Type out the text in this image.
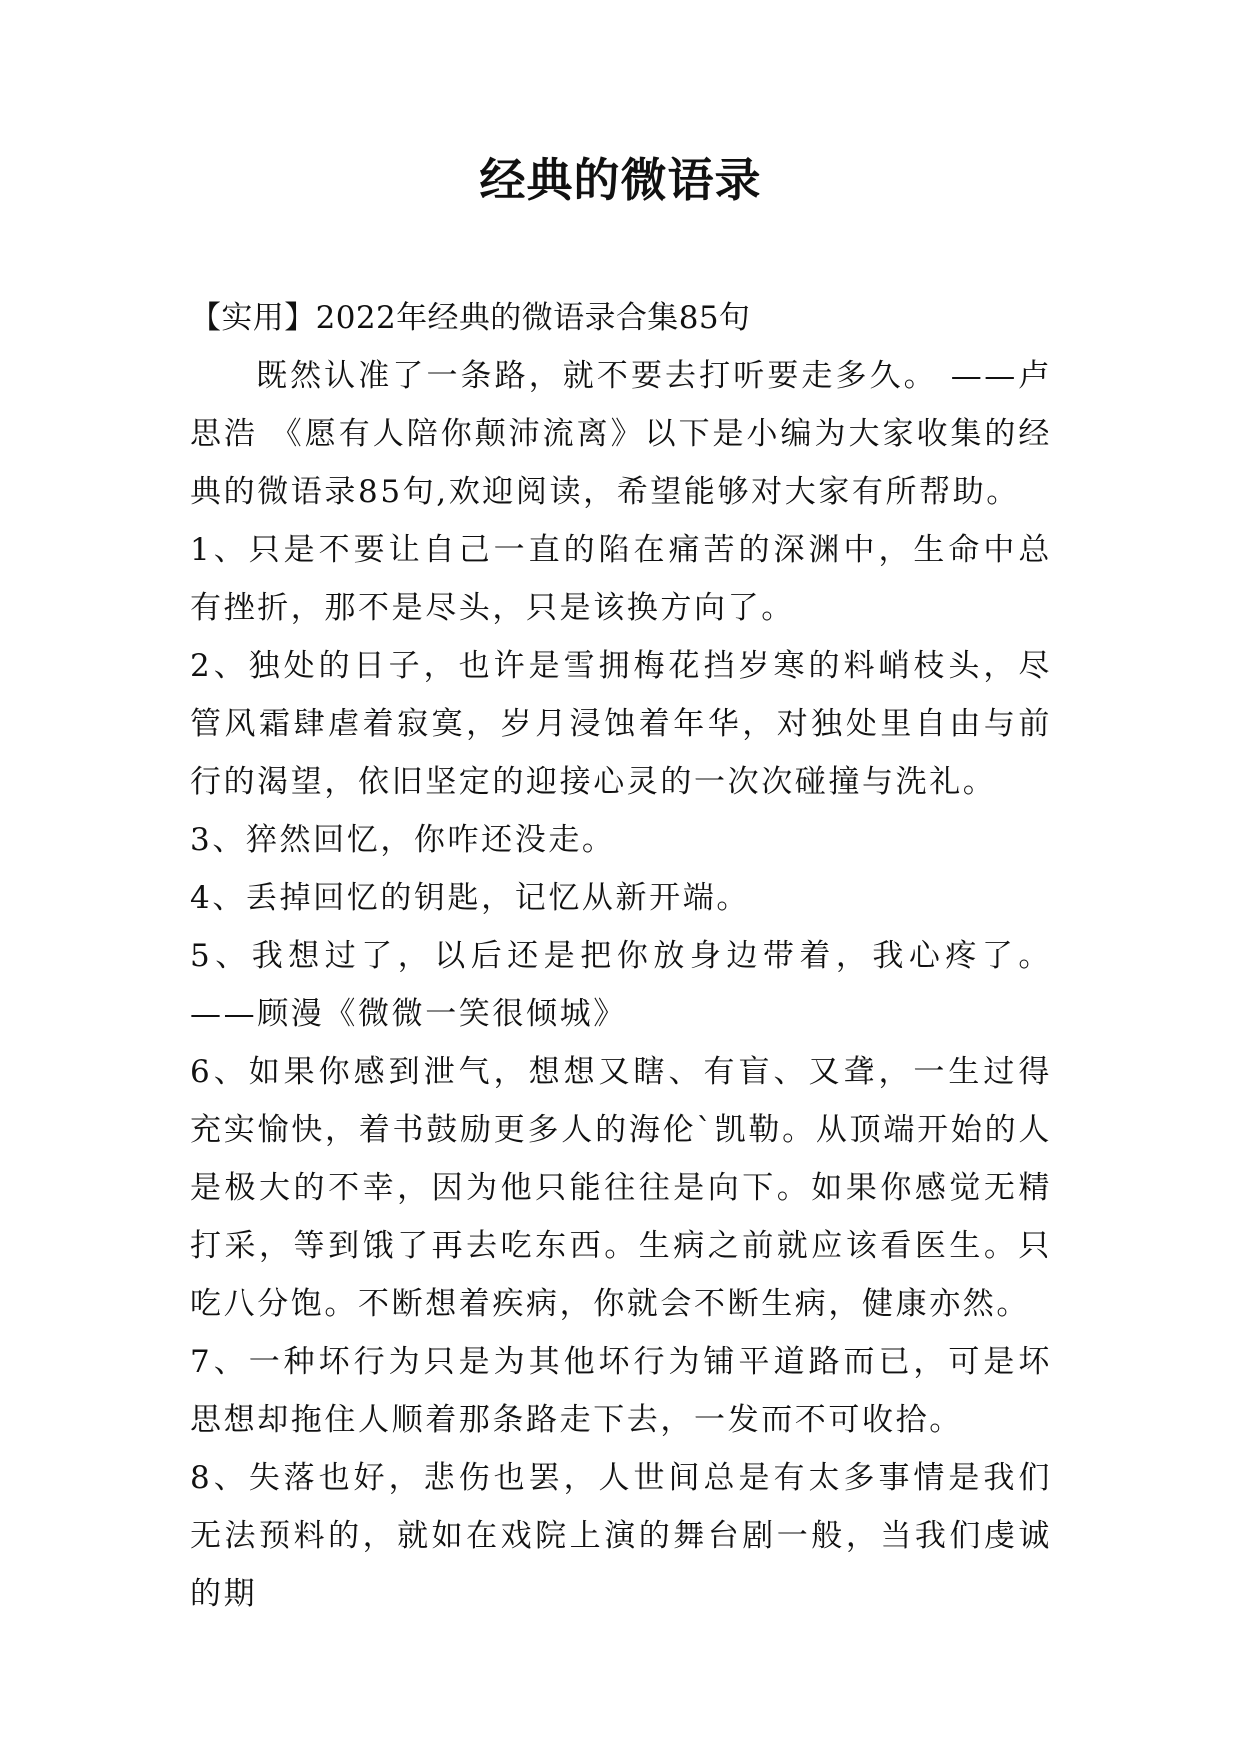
经典的微语录

【实用】2022年经典的微语录合集85句

既然认准了一条路，就不要去打听要走多久。 ——卢思浩 《愿有人陪你颠沛流离》以下是小编为大家收集的经典的微语录85句,欢迎阅读，希望能够对大家有所帮助。

1、只是不要让自己一直的陷在痛苦的深渊中，生命中总有挫折，那不是尽头，只是该换方向了。

2、独处的日子，也许是雪拥梅花挡岁寒的料峭枝头，尽管风霜肆虐着寂寞，岁月浸蚀着年华，对独处里自由与前行的渴望，依旧坚定的迎接心灵的一次次碰撞与洗礼。

3、猝然回忆，你咋还没走。

4、丢掉回忆的钥匙，记忆从新开端。

5、我想过了，以后还是把你放身边带着，我心疼了。——顾漫《微微一笑很倾城》

6、如果你感到泄气，想想又瞎、有盲、又聋，一生过得充实愉快，着书鼓励更多人的海伦`凯勒。从顶端开始的人是极大的不幸，因为他只能往往是向下。如果你感觉无精打采，等到饿了再去吃东西。生病之前就应该看医生。只吃八分饱。不断想着疾病，你就会不断生病，健康亦然。

7、一种坏行为只是为其他坏行为铺平道路而已，可是坏思想却拖住人顺着那条路走下去，一发而不可收拾。

8、失落也好，悲伤也罢，人世间总是有太多事情是我们无法预料的，就如在戏院上演的舞台剧一般，当我们虔诚的期
